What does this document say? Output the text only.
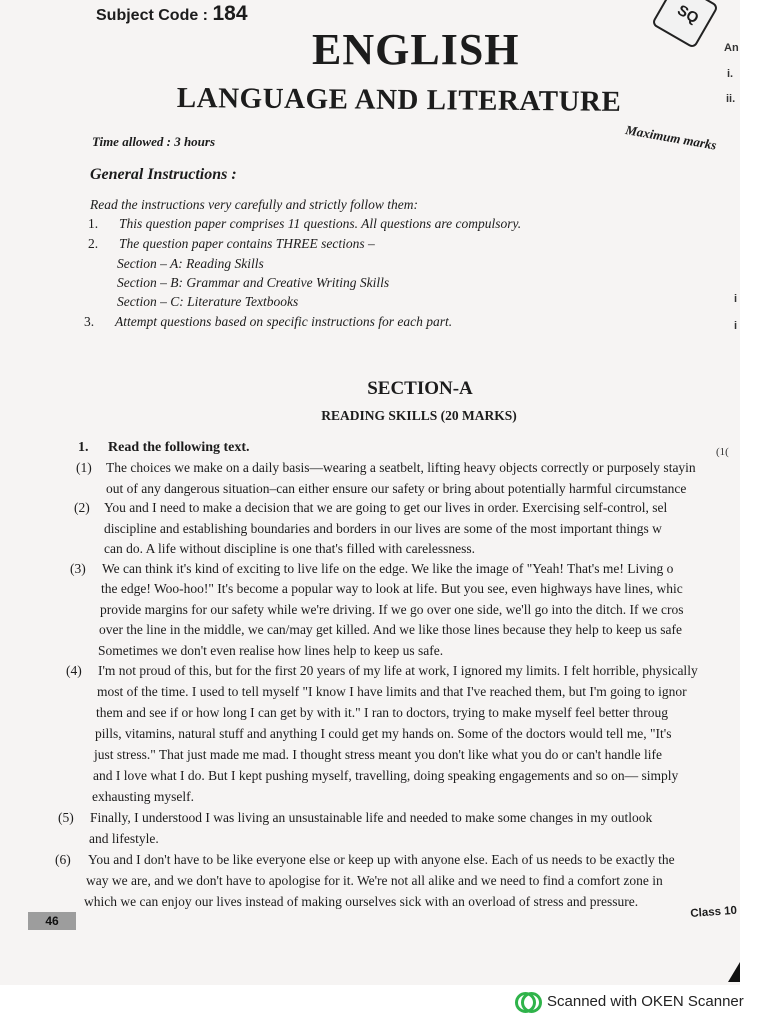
Subject Code : 184	SQ
ENGLISH
LANGUAGE AND LITERATURE
Time allowed : 3 hours	Maximum marks
An
i.
ii.
i
i
General Instructions :
Read the instructions very carefully and strictly follow them:
1. This question paper comprises 11 questions. All questions are compulsory.
2. The question paper contains THREE sections –
Section – A: Reading Skills
Section – B: Grammar and Creative Writing Skills
Section – C: Literature Textbooks
3. Attempt questions based on specific instructions for each part.
SECTION-A
READING SKILLS (20 MARKS)
1. Read the following text.	(1(
(1) The choices we make on a daily basis—wearing a seatbelt, lifting heavy objects correctly or purposely stayin
out of any dangerous situation–can either ensure our safety or bring about potentially harmful circumstance
(2) You and I need to make a decision that we are going to get our lives in order. Exercising self-control, sel
discipline and establishing boundaries and borders in our lives are some of the most important things w
can do. A life without discipline is one that's filled with carelessness.
(3) We can think it's kind of exciting to live life on the edge. We like the image of "Yeah! That's me! Living o
the edge! Woo-hoo!" It's become a popular way to look at life. But you see, even highways have lines, whic
provide margins for our safety while we're driving. If we go over one side, we'll go into the ditch. If we cros
over the line in the middle, we can/may get killed. And we like those lines because they help to keep us safe
Sometimes we don't even realise how lines help to keep us safe.
(4) I'm not proud of this, but for the first 20 years of my life at work, I ignored my limits. I felt horrible, physically
most of the time. I used to tell myself "I know I have limits and that I've reached them, but I'm going to ignor
them and see if or how long I can get by with it." I ran to doctors, trying to make myself feel better throug
pills, vitamins, natural stuff and anything I could get my hands on. Some of the doctors would tell me, "It's
just stress." That just made me mad. I thought stress meant you don't like what you do or can't handle life
and I love what I do. But I kept pushing myself, travelling, doing speaking engagements and so on— simply
exhausting myself.
(5) Finally, I understood I was living an unsustainable life and needed to make some changes in my outlook
and lifestyle.
(6) You and I don't have to be like everyone else or keep up with anyone else. Each of us needs to be exactly the
way we are, and we don't have to apologise for it. We're not all alike and we need to find a comfort zone in
which we can enjoy our lives instead of making ourselves sick with an overload of stress and pressure.
46
Class 10
Scanned with OKEN Scanner
